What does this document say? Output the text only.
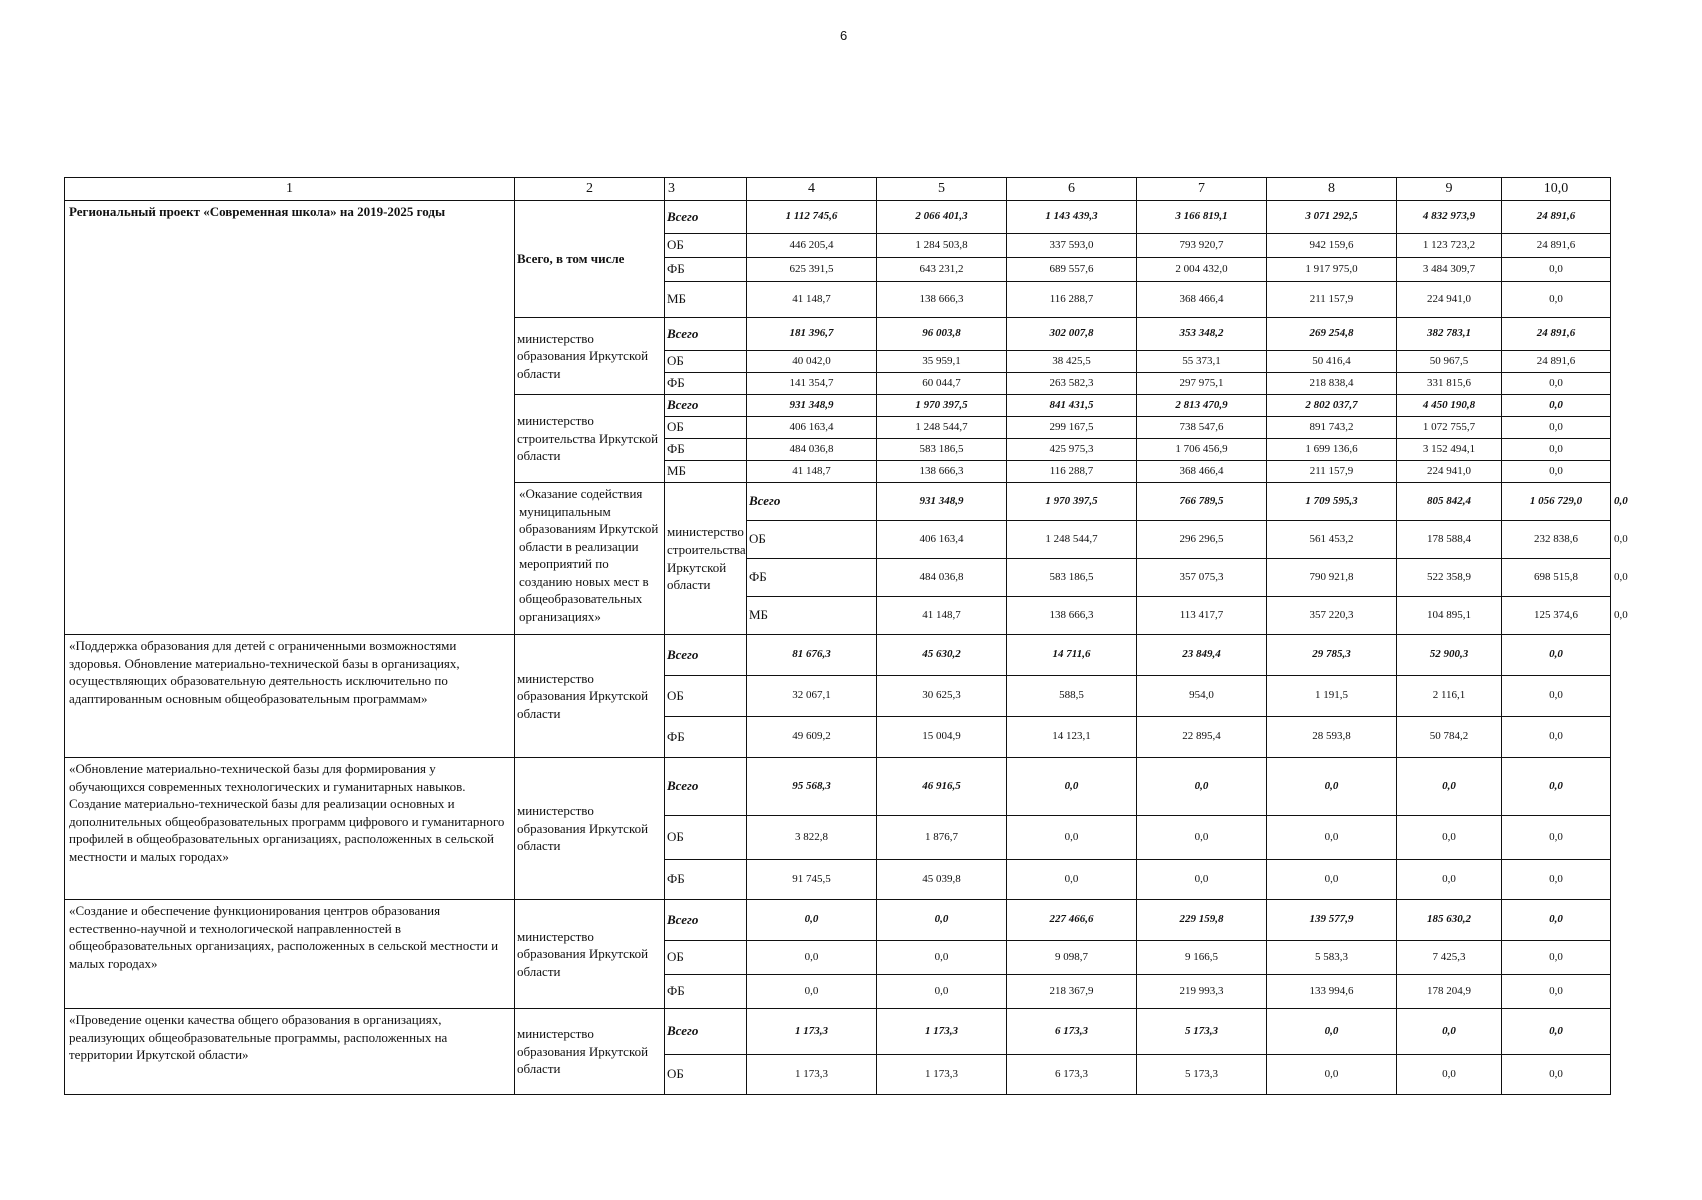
6
1	2	3	4	5	6	7	8	9	10,0	
Региональный проект «Современная школа» на 2019-2025 годы	Всего, в том числе	Всего	1 112 745,6	2 066 401,3	1 143 439,3	3 166 819,1	3 071 292,5	4 832 973,9	24 891,6	
		ОБ	446 205,4	1 284 503,8	337 593,0	793 920,7	942 159,6	1 123 723,2	24 891,6	
		ФБ	625 391,5	643 231,2	689 557,6	2 004 432,0	1 917 975,0	3 484 309,7	0,0	
		МБ	41 148,7	138 666,3	116 288,7	368 466,4	211 157,9	224 941,0	0,0	
	министерство образования Иркутской области	Всего	181 396,7	96 003,8	302 007,8	353 348,2	269 254,8	382 783,1	24 891,6	
		ОБ	40 042,0	35 959,1	38 425,5	55 373,1	50 416,4	50 967,5	24 891,6	
		ФБ	141 354,7	60 044,7	263 582,3	297 975,1	218 838,4	331 815,6	0,0	
	министерство строительства Иркутской области	Всего	931 348,9	1 970 397,5	841 431,5	2 813 470,9	2 802 037,7	4 450 190,8	0,0	
		ОБ	406 163,4	1 248 544,7	299 167,5	738 547,6	891 743,2	1 072 755,7	0,0	
		ФБ	484 036,8	583 186,5	425 975,3	1 706 456,9	1 699 136,6	3 152 494,1	0,0	
		МБ	41 148,7	138 666,3	116 288,7	368 466,4	211 157,9	224 941,0	0,0	
	«Оказание содействия муниципальным образованиям Иркутской области в реализации мероприятий по созданию новых мест в общеобразовательных организациях»	министерство строительства Иркутской области	Всего	931 348,9	1 970 397,5	766 789,5	1 709 595,3	805 842,4	1 056 729,0	0,0
			ОБ	406 163,4	1 248 544,7	296 296,5	561 453,2	178 588,4	232 838,6	0,0
			ФБ	484 036,8	583 186,5	357 075,3	790 921,8	522 358,9	698 515,8	0,0
			МБ	41 148,7	138 666,3	113 417,7	357 220,3	104 895,1	125 374,6	0,0
«Поддержка образования для детей с ограниченными возможностями здоровья. Обновление материально-технической базы в организациях, осуществляющих образовательную деятельность исключительно по адаптированным основным общеобразовательным программам»	министерство образования Иркутской области	Всего	81 676,3	45 630,2	14 711,6	23 849,4	29 785,3	52 900,3	0,0	
		ОБ	32 067,1	30 625,3	588,5	954,0	1 191,5	2 116,1	0,0	
		ФБ	49 609,2	15 004,9	14 123,1	22 895,4	28 593,8	50 784,2	0,0	
«Обновление материально-технической базы для формирования у обучающихся современных технологических и гуманитарных навыков. Создание материально-технической базы для реализации основных и дополнительных общеобразовательных программ цифрового и гуманитарного профилей в общеобразовательных организациях, расположенных в сельской местности и малых городах»	министерство образования Иркутской области	Всего	95 568,3	46 916,5	0,0	0,0	0,0	0,0	0,0	
		ОБ	3 822,8	1 876,7	0,0	0,0	0,0	0,0	0,0	
		ФБ	91 745,5	45 039,8	0,0	0,0	0,0	0,0	0,0	
«Создание и обеспечение функционирования центров образования естественно-научной и технологической направленностей в общеобразовательных организациях, расположенных в сельской местности и малых городах»	министерство образования Иркутской области	Всего	0,0	0,0	227 466,6	229 159,8	139 577,9	185 630,2	0,0	
		ОБ	0,0	0,0	9 098,7	9 166,5	5 583,3	7 425,3	0,0	
		ФБ	0,0	0,0	218 367,9	219 993,3	133 994,6	178 204,9	0,0	
«Проведение оценки качества общего образования в организациях, реализующих общеобразовательные программы, расположенных на территории Иркутской области»	министерство образования Иркутской области	Всего	1 173,3	1 173,3	6 173,3	5 173,3	0,0	0,0	0,0	
		ОБ	1 173,3	1 173,3	6 173,3	5 173,3	0,0	0,0	0,0	
